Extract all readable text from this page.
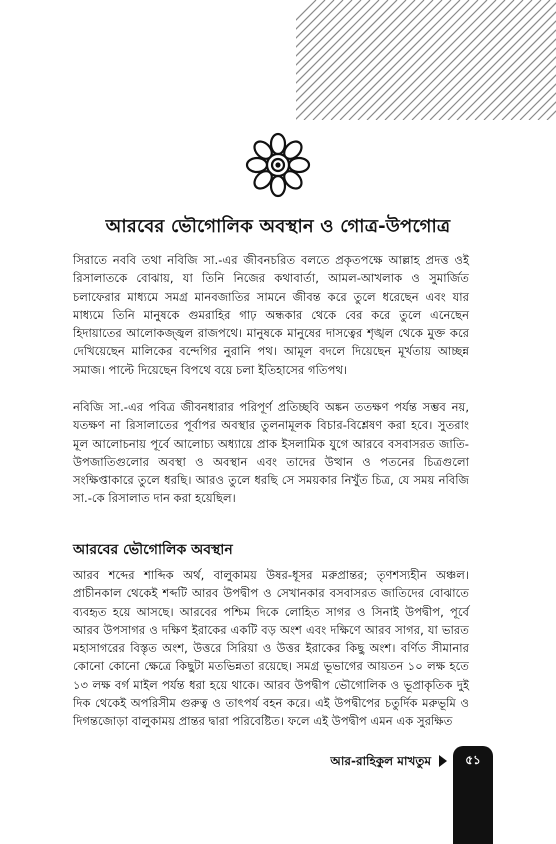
আরবের ভৌগোলিক অবস্থান ও গোত্র-উপগোত্র

সিরাতে নববি তথা নবিজি সা.-এর জীবনচরিত বলতে প্রকৃতপক্ষে আল্লাহ প্রদত্ত ওই রিসালাতকে বোঝায়, যা তিনি নিজের কথাবার্তা, আমল-আখলাক ও সুমার্জিত চলাফেরার মাধ্যমে সমগ্র মানবজাতির সামনে জীবন্ত করে তুলে ধরেছেন এবং যার মাধ্যমে তিনি মানুষকে গুমরাহির গাঢ় অন্ধকার থেকে বের করে তুলে এনেছেন হিদায়াতের আলোকজ্জ্বল রাজপথে। মানুষকে মানুষের দাসত্বের শৃঙ্খল থেকে মুক্ত করে দেখিয়েছেন মালিকের বন্দেগির নুরানি পথ। আমূল বদলে দিয়েছেন মূর্খতায় আচ্ছন্ন সমাজ। পাল্টে দিয়েছেন বিপথে বয়ে চলা ইতিহাসের গতিপথ।

নবিজি সা.-এর পবিত্র জীবনধারার পরিপূর্ণ প্রতিচ্ছবি অঙ্কন ততক্ষণ পর্যন্ত সম্ভব নয়, যতক্ষণ না রিসালাতের পূর্বাপর অবস্থার তুলনামূলক বিচার-বিশ্লেষণ করা হবে। সুতরাং মূল আলোচনায় পূর্বে আলোচ্য অধ্যায়ে প্রাক ইসলামিক যুগে আরবে বসবাসরত জাতি-উপজাতিগুলোর অবস্থা ও অবস্থান এবং তাদের উত্থান ও পতনের চিত্রগুলো সংক্ষিপ্তাকারে তুলে ধরছি। আরও তুলে ধরছি সে সময়কার নিখুঁত চিত্র, যে সময় নবিজি সা.-কে রিসালাত দান করা হয়েছিল।

আরবের ভৌগোলিক অবস্থান

আরব শব্দের শাব্দিক অর্থ, বালুকাময় উষর-ধূসর মরুপ্রান্তর; তৃণশস্যহীন অঞ্চল। প্রাচীনকাল থেকেই শব্দটি আরব উপদ্বীপ ও সেখানকার বসবাসরত জাতিদের বোঝাতে ব্যবহৃত হয়ে আসছে। আরবের পশ্চিম দিকে লোহিত সাগর ও সিনাই উপদ্বীপ, পূর্বে আরব উপসাগর ও দক্ষিণ ইরাকের একটি বড় অংশ এবং দক্ষিণে আরব সাগর, যা ভারত মহাসাগরের বিস্তৃত অংশ, উত্তরে সিরিয়া ও উত্তর ইরাকের কিছু অংশ। বর্ণিত সীমানার কোনো কোনো ক্ষেত্রে কিছুটা মতভিন্নতা রয়েছে। সমগ্র ভূভাগের আয়তন ১০ লক্ষ হতে ১৩ লক্ষ বর্গ মাইল পর্যন্ত ধরা হয়ে থাকে। আরব উপদ্বীপ ভৌগোলিক ও ভূপ্রাকৃতিক দুই দিক থেকেই অপরিসীম গুরুত্ব ও তাৎপর্য বহন করে। এই উপদ্বীপের চতুর্দিক মরুভূমি ও দিগন্তজোড়া বালুকাময় প্রান্তর দ্বারা পরিবেষ্টিত। ফলে এই উপদ্বীপ এমন এক সুরক্ষিত

আর-রাহিকুল মাখতুম	৫১
